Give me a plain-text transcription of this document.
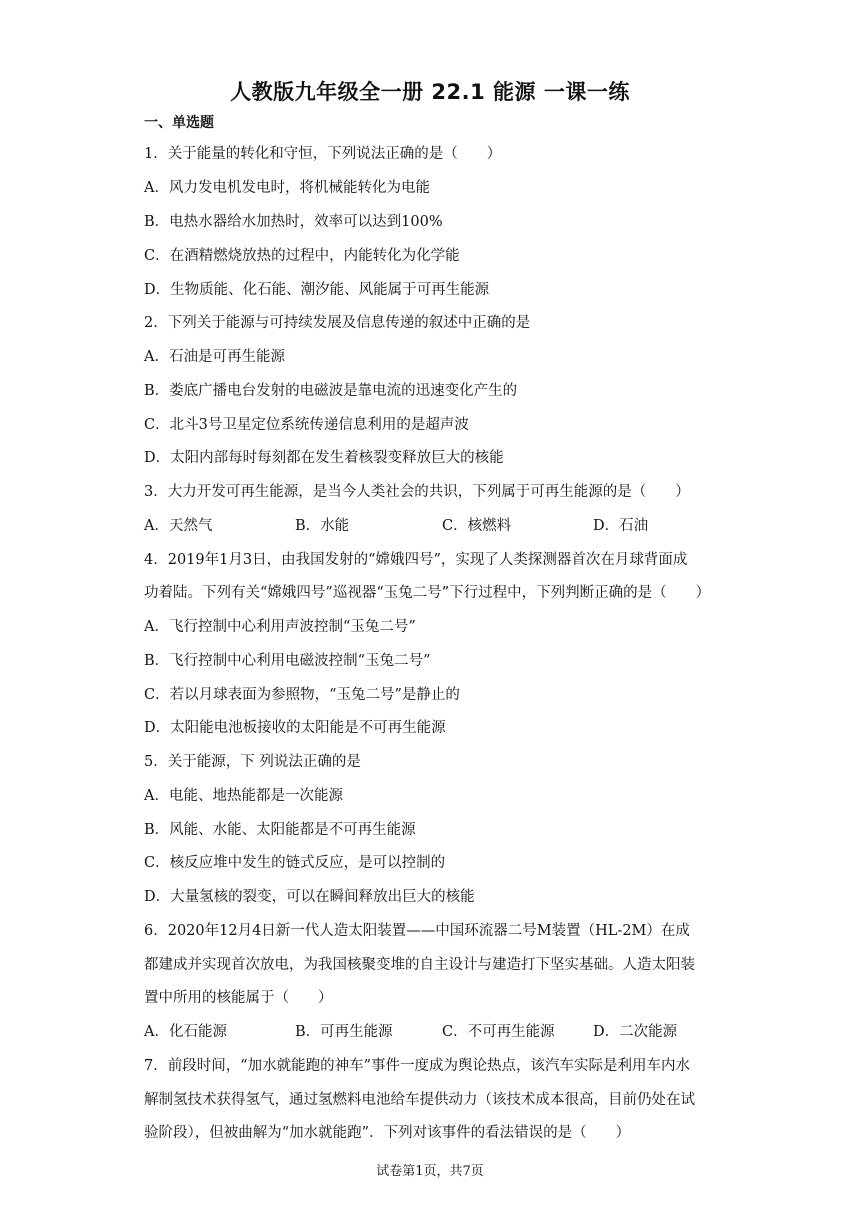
人教版九年级全一册 22.1 能源 一课一练
一、单选题
1．关于能量的转化和守恒，下列说法正确的是（　　）
A．风力发电机发电时，将机械能转化为电能
B．电热水器给水加热时，效率可以达到100%
C．在酒精燃烧放热的过程中，内能转化为化学能
D．生物质能、化石能、潮汐能、风能属于可再生能源
2．下列关于能源与可持续发展及信息传递的叙述中正确的是
A．石油是可再生能源
B．娄底广播电台发射的电磁波是靠电流的迅速变化产生的
C．北斗3号卫星定位系统传递信息利用的是超声波
D．太阳内部每时每刻都在发生着核裂变释放巨大的核能
3．大力开发可再生能源，是当今人类社会的共识，下列属于可再生能源的是（　　）
A．天然气	B．水能	C．核燃料	D．石油
4．2019年1月3日，由我国发射的“嫦娥四号”，实现了人类探测器首次在月球背面成
功着陆。下列有关“嫦娥四号”巡视器“玉兔二号”下行过程中，下列判断正确的是（　　）
A．飞行控制中心利用声波控制“玉兔二号”
B．飞行控制中心利用电磁波控制“玉兔二号”
C．若以月球表面为参照物，“玉兔二号”是静止的
D．太阳能电池板接收的太阳能是不可再生能源
5．关于能源，下 列说法正确的是
A．电能、地热能都是一次能源
B．风能、水能、太阳能都是不可再生能源
C．核反应堆中发生的链式反应，是可以控制的
D．大量氢核的裂变，可以在瞬间释放出巨大的核能
6．2020年12月4日新一代人造太阳装置——中国环流器二号M装置（HL-2M）在成
都建成并实现首次放电，为我国核聚变堆的自主设计与建造打下坚实基础。人造太阳装
置中所用的核能属于（　　）
A．化石能源	B．可再生能源	C．不可再生能源	D．二次能源
7．前段时间，“加水就能跑的神车”事件一度成为舆论热点，该汽车实际是利用车内水
解制氢技术获得氢气，通过氢燃料电池给车提供动力（该技术成本很高，目前仍处在试
验阶段），但被曲解为“加水就能跑”．下列对该事件的看法错误的是（　　）
试卷第1页，共7页
